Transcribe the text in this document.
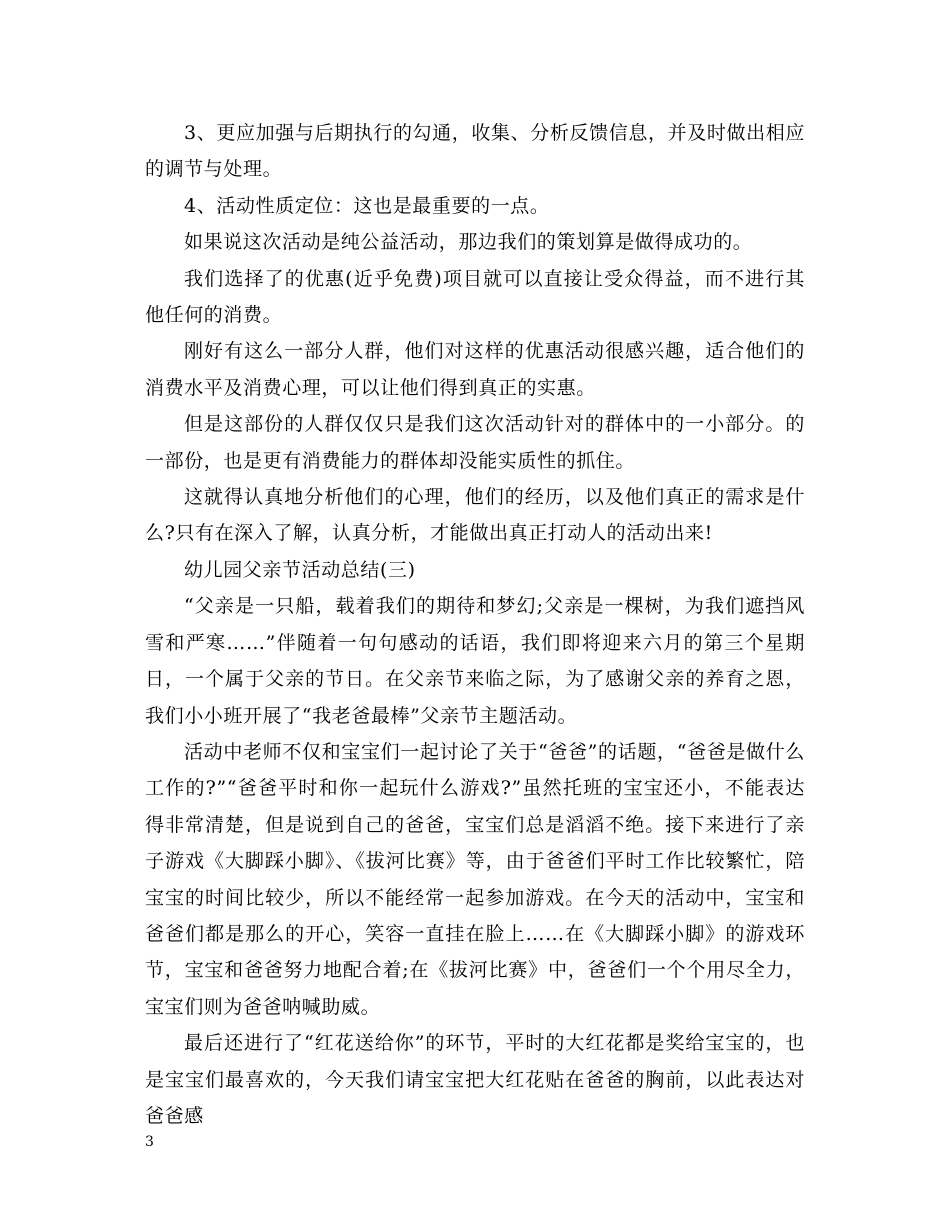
3、更应加强与后期执行的勾通，收集、分析反馈信息，并及时做出相应的调节与处理。

4、活动性质定位：这也是最重要的一点。

如果说这次活动是纯公益活动，那边我们的策划算是做得成功的。

我们选择了的优惠(近乎免费)项目就可以直接让受众得益，而不进行其他任何的消费。

刚好有这么一部分人群，他们对这样的优惠活动很感兴趣，适合他们的消费水平及消费心理，可以让他们得到真正的实惠。

但是这部份的人群仅仅只是我们这次活动针对的群体中的一小部分。的一部份，也是更有消费能力的群体却没能实质性的抓住。

这就得认真地分析他们的心理，他们的经历，以及他们真正的需求是什么?只有在深入了解，认真分析，才能做出真正打动人的活动出来!

幼儿园父亲节活动总结(三)

“父亲是一只船，载着我们的期待和梦幻;父亲是一棵树，为我们遮挡风雪和严寒……”伴随着一句句感动的话语，我们即将迎来六月的第三个星期日，一个属于父亲的节日。在父亲节来临之际，为了感谢父亲的养育之恩，我们小小班开展了“我老爸最棒”父亲节主题活动。

活动中老师不仅和宝宝们一起讨论了关于“爸爸”的话题，“爸爸是做什么工作的?”“爸爸平时和你一起玩什么游戏?”虽然托班的宝宝还小，不能表达得非常清楚，但是说到自己的爸爸，宝宝们总是滔滔不绝。接下来进行了亲子游戏《大脚踩小脚》、《拔河比赛》等，由于爸爸们平时工作比较繁忙，陪宝宝的时间比较少，所以不能经常一起参加游戏。在今天的活动中，宝宝和爸爸们都是那么的开心，笑容一直挂在脸上……在《大脚踩小脚》的游戏环节，宝宝和爸爸努力地配合着;在《拔河比赛》中，爸爸们一个个用尽全力，宝宝们则为爸爸呐喊助威。

最后还进行了“红花送给你”的环节，平时的大红花都是奖给宝宝的，也是宝宝们最喜欢的，今天我们请宝宝把大红花贴在爸爸的胸前，以此表达对爸爸感

3
